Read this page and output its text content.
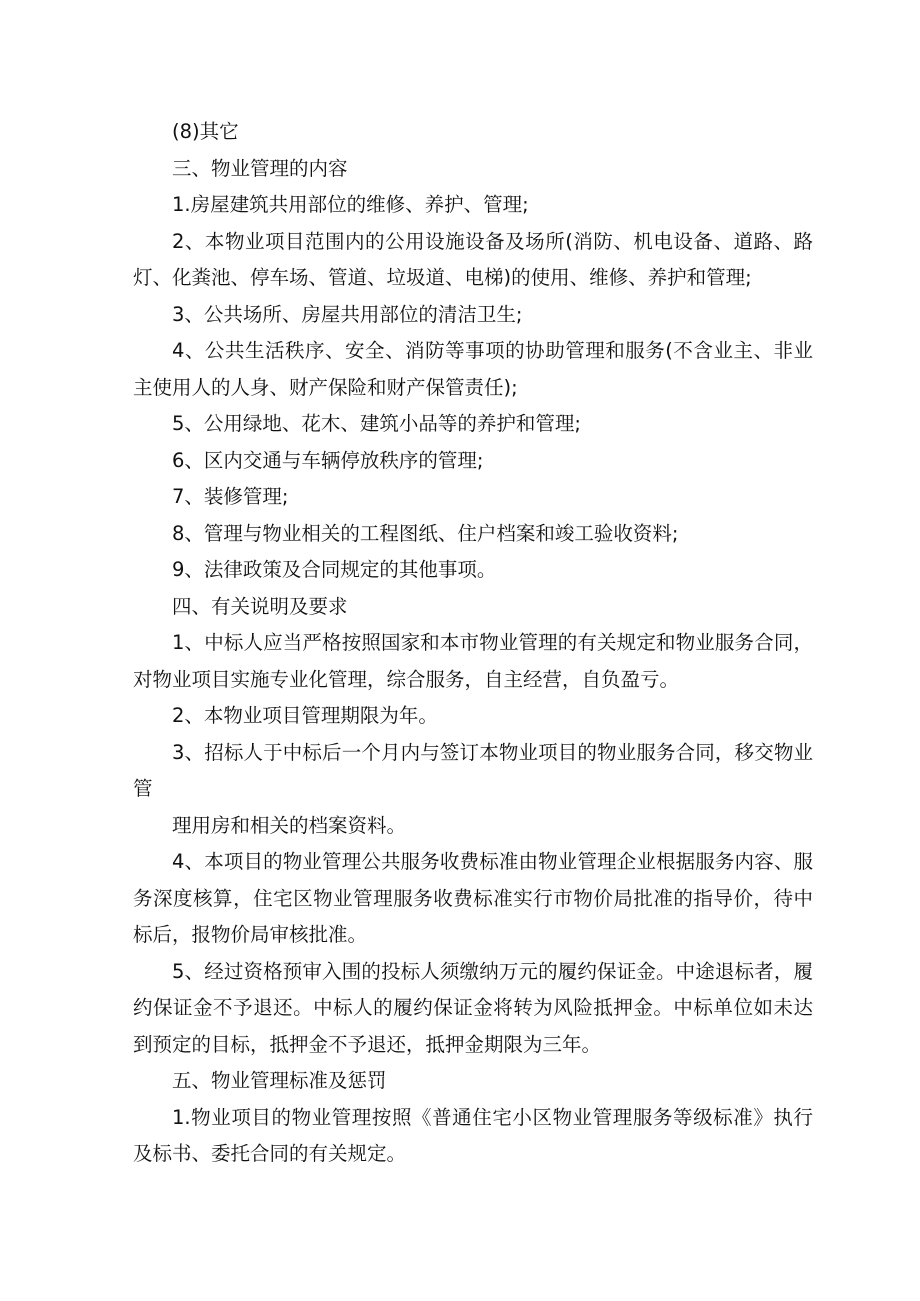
(8)其它

三、物业管理的内容

1.房屋建筑共用部位的维修、养护、管理;

2、本物业项目范围内的公用设施设备及场所(消防、机电设备、道路、路灯、化粪池、停车场、管道、垃圾道、电梯)的使用、维修、养护和管理;

3、公共场所、房屋共用部位的清洁卫生;

4、公共生活秩序、安全、消防等事项的协助管理和服务(不含业主、非业主使用人的人身、财产保险和财产保管责任);

5、公用绿地、花木、建筑小品等的养护和管理;

6、区内交通与车辆停放秩序的管理;

7、装修管理;

8、管理与物业相关的工程图纸、住户档案和竣工验收资料;

9、法律政策及合同规定的其他事项。

四、有关说明及要求

1、中标人应当严格按照国家和本市物业管理的有关规定和物业服务合同，对物业项目实施专业化管理，综合服务，自主经营，自负盈亏。

2、本物业项目管理期限为年。

3、招标人于中标后一个月内与签订本物业项目的物业服务合同，移交物业管

理用房和相关的档案资料。

4、本项目的物业管理公共服务收费标准由物业管理企业根据服务内容、服务深度核算，住宅区物业管理服务收费标准实行市物价局批准的指导价，待中标后，报物价局审核批准。

5、经过资格预审入围的投标人须缴纳万元的履约保证金。中途退标者，履约保证金不予退还。中标人的履约保证金将转为风险抵押金。中标单位如未达到预定的目标，抵押金不予退还，抵押金期限为三年。

五、物业管理标准及惩罚

1.物业项目的物业管理按照《普通住宅小区物业管理服务等级标准》执行及标书、委托合同的有关规定。
